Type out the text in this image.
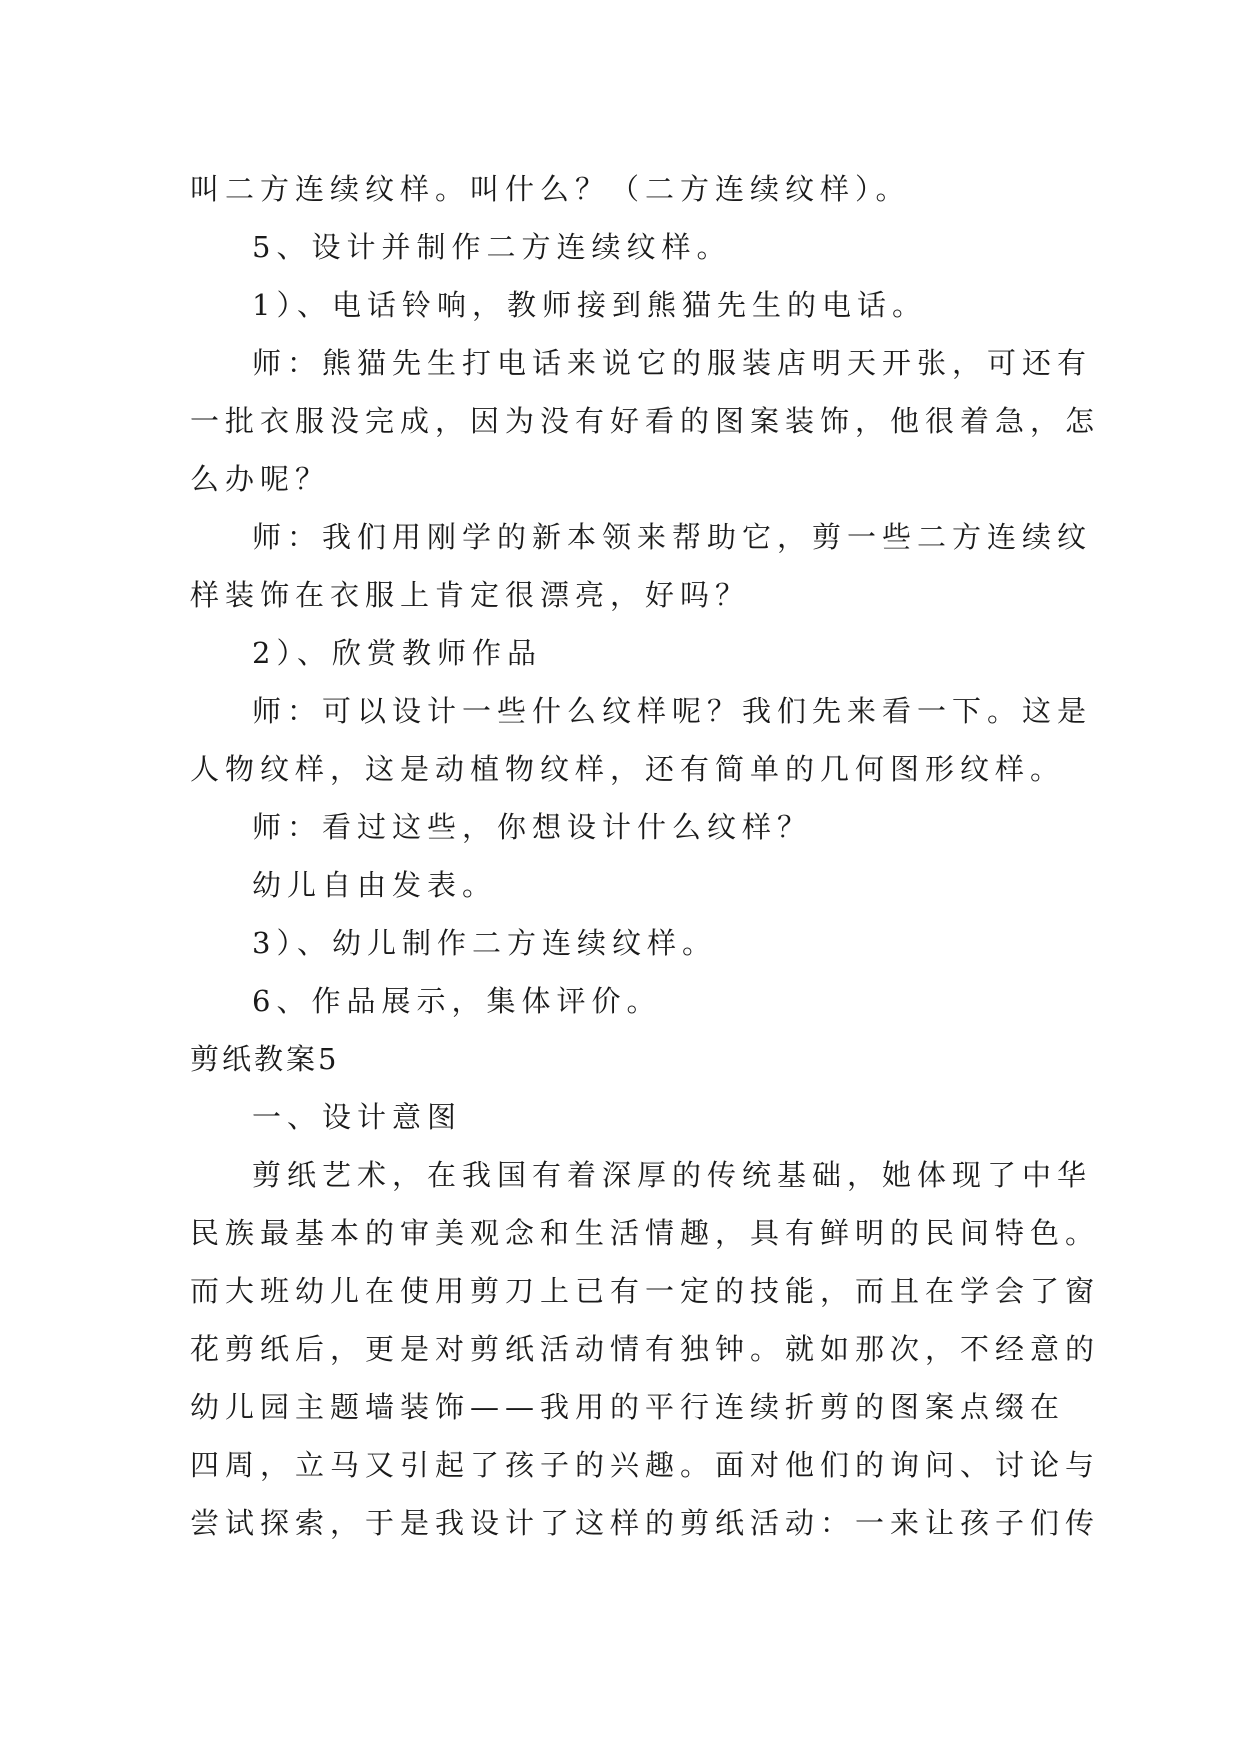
叫二方连续纹样。叫什么？（二方连续纹样）。
5、设计并制作二方连续纹样。
1）、电话铃响，教师接到熊猫先生的电话。
师：熊猫先生打电话来说它的服装店明天开张，可还有
一批衣服没完成，因为没有好看的图案装饰，他很着急，怎
么办呢？
师：我们用刚学的新本领来帮助它，剪一些二方连续纹
样装饰在衣服上肯定很漂亮，好吗？
2）、欣赏教师作品
师：可以设计一些什么纹样呢？我们先来看一下。这是
人物纹样，这是动植物纹样，还有简单的几何图形纹样。
师：看过这些，你想设计什么纹样？
幼儿自由发表。
3）、幼儿制作二方连续纹样。
6、作品展示，集体评价。
剪纸教案5
一、设计意图
剪纸艺术，在我国有着深厚的传统基础，她体现了中华
民族最基本的审美观念和生活情趣，具有鲜明的民间特色。
而大班幼儿在使用剪刀上已有一定的技能，而且在学会了窗
花剪纸后，更是对剪纸活动情有独钟。就如那次，不经意的
幼儿园主题墙装饰——我用的平行连续折剪的图案点缀在
四周，立马又引起了孩子的兴趣。面对他们的询问、讨论与
尝试探索，于是我设计了这样的剪纸活动：一来让孩子们传
